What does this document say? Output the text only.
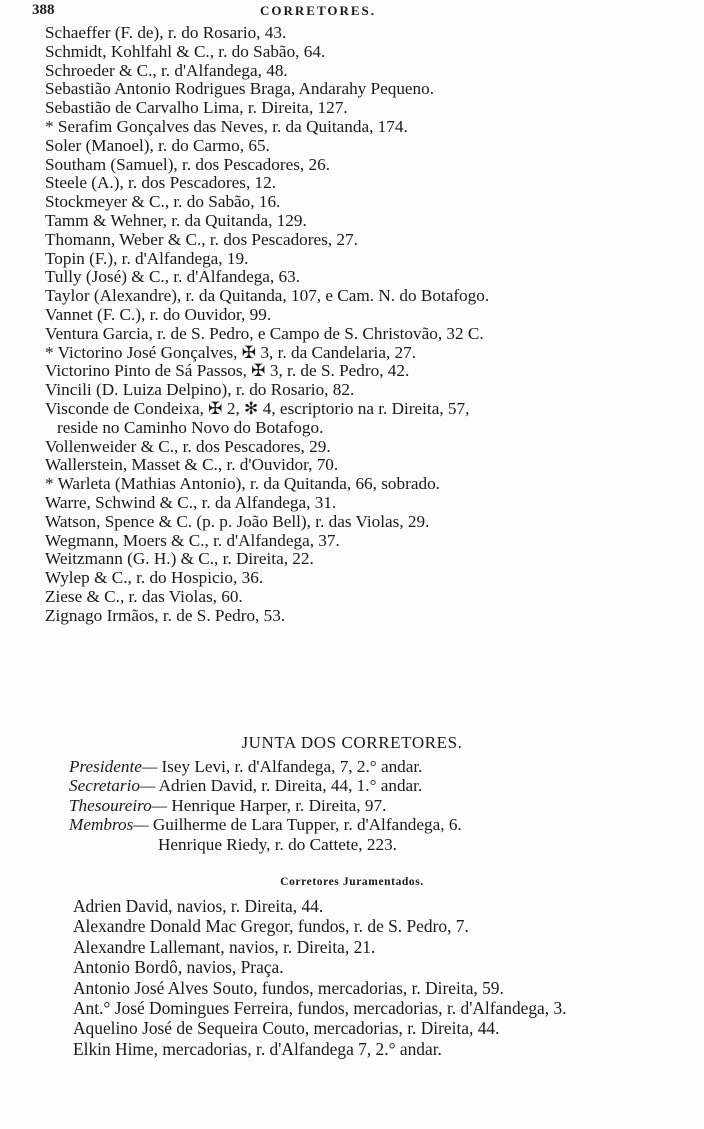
388	CORRETORES.
Schaeffer (F. de), r. do Rosario, 43.
Schmidt, Kohlfahl & C., r. do Sabão, 64.
Schroeder & C., r. d'Alfandega, 48.
Sebastião Antonio Rodrigues Braga, Andarahy Pequeno.
Sebastião de Carvalho Lima, r. Direita, 127.
* Serafim Gonçalves das Neves, r. da Quitanda, 174.
Soler (Manoel), r. do Carmo, 65.
Southam (Samuel), r. dos Pescadores, 26.
Steele (A.), r. dos Pescadores, 12.
Stockmeyer & C., r. do Sabão, 16.
Tamm & Wehner, r. da Quitanda, 129.
Thomann, Weber & C., r. dos Pescadores, 27.
Topin (F.), r. d'Alfandega, 19.
Tully (José) & C., r. d'Alfandega, 63.
Taylor (Alexandre), r. da Quitanda, 107, e Cam. N. do Botafogo.
Vannet (F. C.), r. do Ouvidor, 99.
Ventura Garcia, r. de S. Pedro, e Campo de S. Christovão, 32 C.
* Victorino José Gonçalves, ✠ 3, r. da Candelaria, 27.
Victorino Pinto de Sá Passos, ✠ 3, r. de S. Pedro, 42.
Vincili (D. Luiza Delpino), r. do Rosario, 82.
Visconde de Condeixa, ✠ 2, ✻ 4, escriptorio na r. Direita, 57,
reside no Caminho Novo do Botafogo.
Vollenweider & C., r. dos Pescadores, 29.
Wallerstein, Masset & C., r. d'Ouvidor, 70.
* Warleta (Mathias Antonio), r. da Quitanda, 66, sobrado.
Warre, Schwind & C., r. da Alfandega, 31.
Watson, Spence & C. (p. p. João Bell), r. das Violas, 29.
Wegmann, Moers & C., r. d'Alfandega, 37.
Weitzmann (G. H.) & C., r. Direita, 22.
Wylep & C., r. do Hospicio, 36.
Ziese & C., r. das Violas, 60.
Zignago Irmãos, r. de S. Pedro, 53.
JUNTA DOS CORRETORES.
Presidente— Isey Levi, r. d'Alfandega, 7, 2.° andar.
Secretario— Adrien David, r. Direita, 44, 1.° andar.
Thesoureiro— Henrique Harper, r. Direita, 97.
Membros— Guilherme de Lara Tupper, r. d'Alfandega, 6.
Henrique Riedy, r. do Cattete, 223.
Corretores Juramentados.
Adrien David, navios, r. Direita, 44.
Alexandre Donald Mac Gregor, fundos, r. de S. Pedro, 7.
Alexandre Lallemant, navios, r. Direita, 21.
Antonio Bordô, navios, Praça.
Antonio José Alves Souto, fundos, mercadorias, r. Direita, 59.
Ant.° José Domingues Ferreira, fundos, mercadorias, r. d'Alfandega, 3.
Aquelino José de Sequeira Couto, mercadorias, r. Direita, 44.
Elkin Hime, mercadorias, r. d'Alfandega 7, 2.° andar.
